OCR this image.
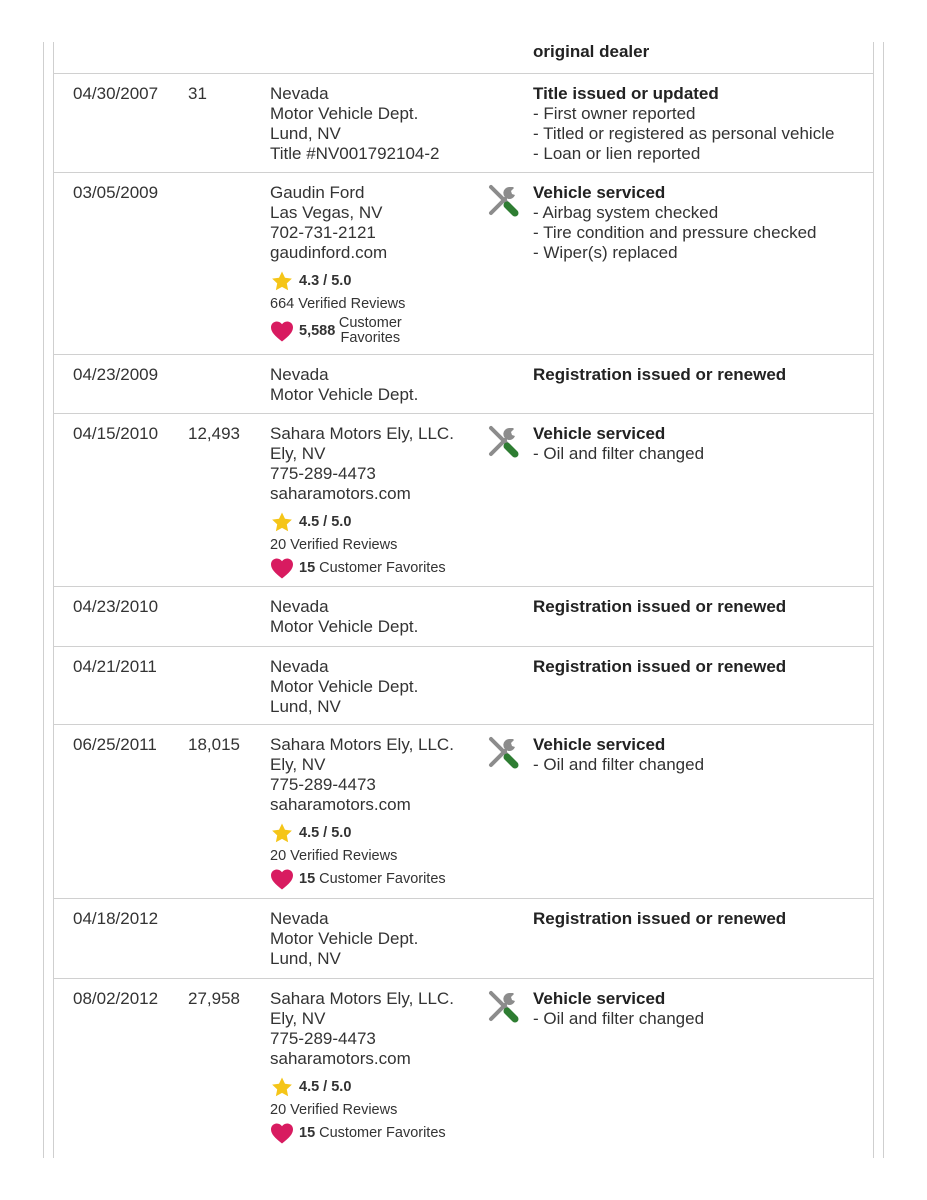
original dealer
04/30/2007 31	Nevada
Motor Vehicle Dept.
Lund, NV
Title #NV001792104-2
Title issued or updated
- First owner reported
- Titled or registered as personal vehicle
- Loan or lien reported
03/05/2009	Gaudin Ford
Las Vegas, NV
702-731-2121
gaudinford.com
4.3 / 5.0
664 Verified Reviews
5,588 Customer Favorites
Vehicle serviced
- Airbag system checked
- Tire condition and pressure checked
- Wiper(s) replaced
04/23/2009	Nevada
Motor Vehicle Dept.
Registration issued or renewed
04/15/2010 12,493 Sahara Motors Ely, LLC.
Ely, NV
775-289-4473
saharamotors.com
4.5 / 5.0
20 Verified Reviews
15 Customer Favorites
Vehicle serviced
- Oil and filter changed
04/23/2010	Nevada
Motor Vehicle Dept.
Registration issued or renewed
04/21/2011	Nevada
Motor Vehicle Dept.
Lund, NV
Registration issued or renewed
06/25/2011 18,015 Sahara Motors Ely, LLC.
Ely, NV
775-289-4473
saharamotors.com
4.5 / 5.0
20 Verified Reviews
15 Customer Favorites
Vehicle serviced
- Oil and filter changed
04/18/2012	Nevada
Motor Vehicle Dept.
Lund, NV
Registration issued or renewed
08/02/2012 27,958 Sahara Motors Ely, LLC.
Ely, NV
775-289-4473
saharamotors.com
4.5 / 5.0
20 Verified Reviews
15 Customer Favorites
Vehicle serviced
- Oil and filter changed
